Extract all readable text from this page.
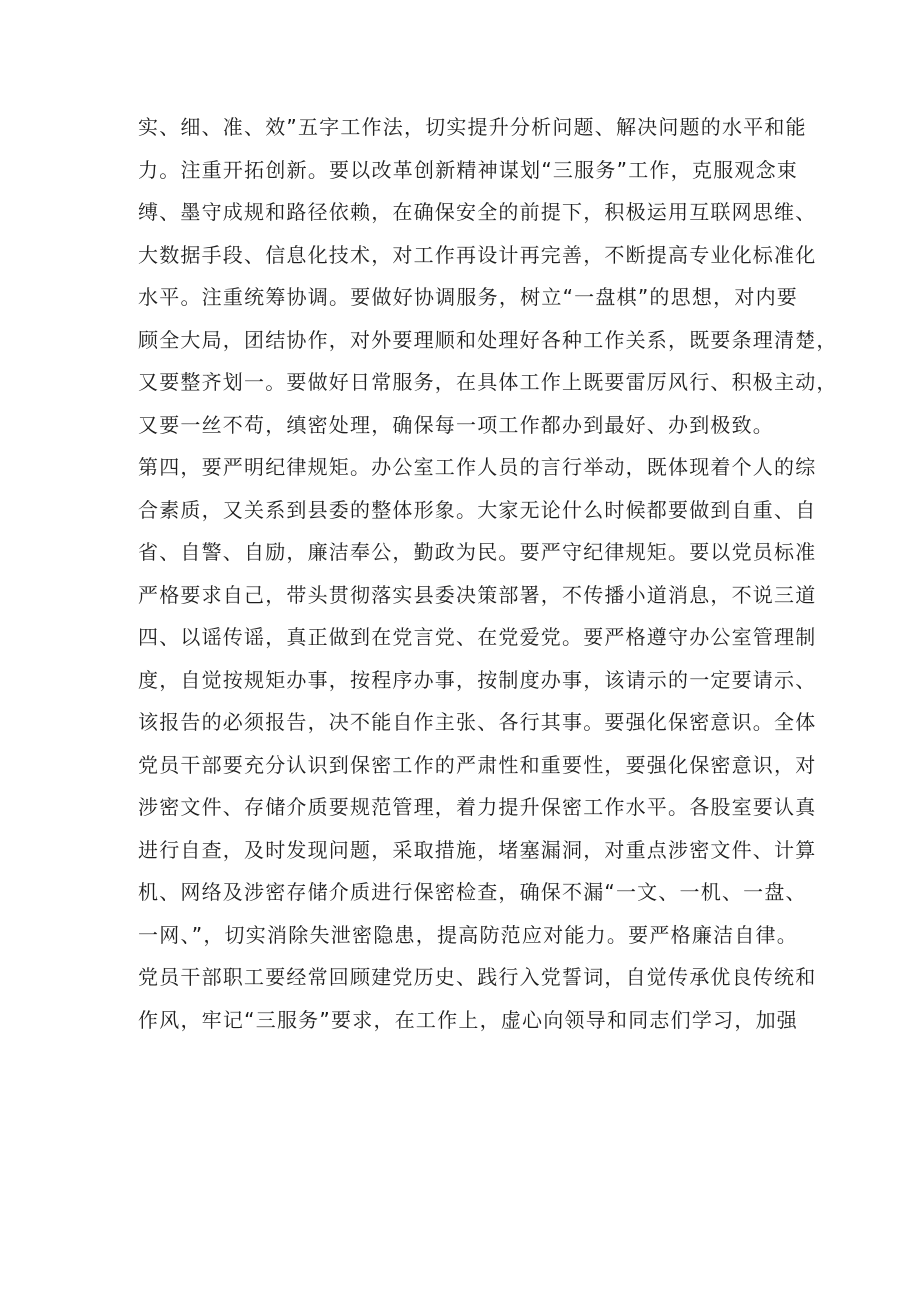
实、细、准、效”五字工作法，切实提升分析问题、解决问题的水平和能
力。注重开拓创新。要以改革创新精神谋划“三服务”工作，克服观念束
缚、墨守成规和路径依赖，在确保安全的前提下，积极运用互联网思维、
大数据手段、信息化技术，对工作再设计再完善，不断提高专业化标准化
水平。注重统筹协调。要做好协调服务，树立“一盘棋”的思想，对内要
顾全大局，团结协作，对外要理顺和处理好各种工作关系，既要条理清楚，
又要整齐划一。要做好日常服务，在具体工作上既要雷厉风行、积极主动，
又要一丝不苟，缜密处理，确保每一项工作都办到最好、办到极致。
第四，要严明纪律规矩。办公室工作人员的言行举动，既体现着个人的综
合素质，又关系到县委的整体形象。大家无论什么时候都要做到自重、自
省、自警、自励，廉洁奉公，勤政为民。要严守纪律规矩。要以党员标准
严格要求自己，带头贯彻落实县委决策部署，不传播小道消息，不说三道
四、以谣传谣，真正做到在党言党、在党爱党。要严格遵守办公室管理制
度，自觉按规矩办事，按程序办事，按制度办事，该请示的一定要请示、
该报告的必须报告，决不能自作主张、各行其事。要强化保密意识。全体
党员干部要充分认识到保密工作的严肃性和重要性，要强化保密意识，对
涉密文件、存储介质要规范管理，着力提升保密工作水平。各股室要认真
进行自查，及时发现问题，采取措施，堵塞漏洞，对重点涉密文件、计算
机、网络及涉密存储介质进行保密检查，确保不漏“一文、一机、一盘、
一网、”，切实消除失泄密隐患，提高防范应对能力。要严格廉洁自律。
党员干部职工要经常回顾建党历史、践行入党誓词，自觉传承优良传统和
作风，牢记“三服务”要求，在工作上，虚心向领导和同志们学习，加强
